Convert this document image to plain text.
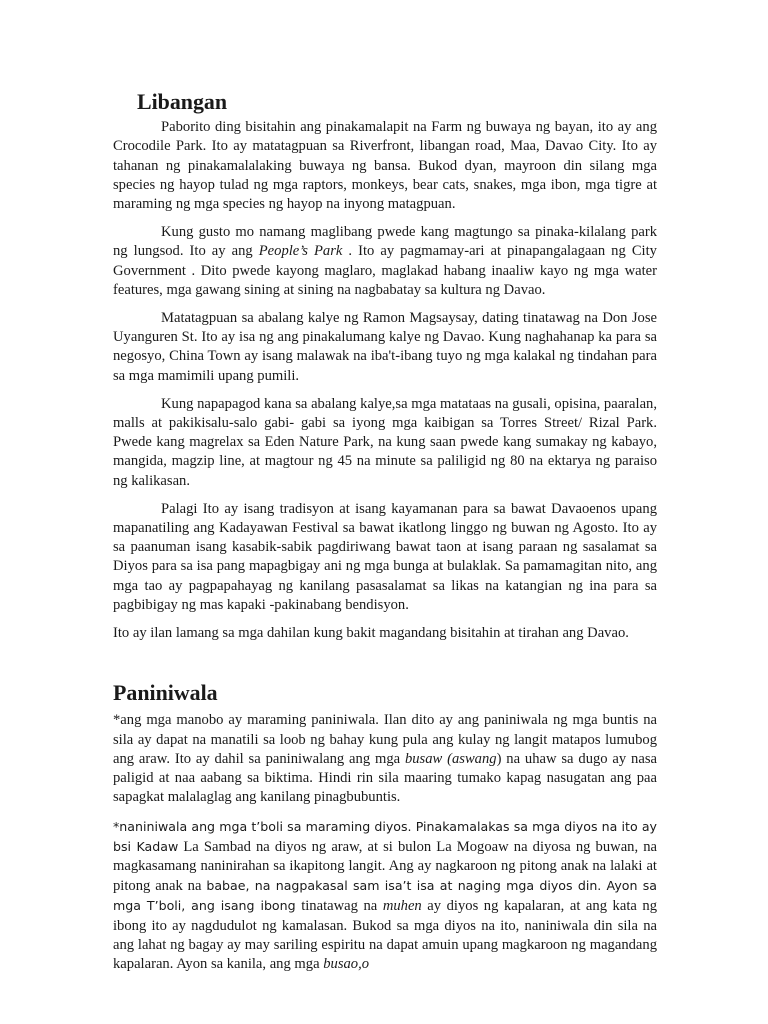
Libangan

Paborito ding bisitahin ang pinakamalapit na Farm ng buwaya ng bayan, ito ay ang Crocodile Park. Ito ay matatagpuan sa Riverfront, libangan road, Maa, Davao City. Ito ay tahanan ng pinakamalalaking buwaya ng bansa. Bukod dyan, mayroon din silang mga species ng hayop tulad ng mga raptors, monkeys, bear cats, snakes, mga ibon, mga tigre at maraming ng mga species ng hayop na inyong matagpuan.

Kung gusto mo namang maglibang pwede kang magtungo sa pinaka-kilalang park ng lungsod. Ito ay ang People’s Park . Ito ay pagmamay-ari at pinapangalagaan ng City Government . Dito pwede kayong maglaro, maglakad habang inaaliw kayo ng mga water features, mga gawang sining at sining na nagbabatay sa kultura ng Davao.

Matatagpuan sa abalang kalye ng Ramon Magsaysay, dating tinatawag na Don Jose Uyanguren St. Ito ay isa ng ang pinakalumang kalye ng Davao. Kung naghahanap ka para sa negosyo, China Town ay isang malawak na iba't-ibang tuyo ng mga kalakal ng tindahan para sa mga mamimili upang pumili.

Kung napapagod kana sa abalang kalye,sa mga matataas na gusali, opisina, paaralan, malls at pakikisalu-salo gabi- gabi sa iyong mga kaibigan sa Torres Street/ Rizal Park. Pwede kang magrelax sa Eden Nature Park, na kung saan pwede kang sumakay ng kabayo, mangida, magzip line, at magtour ng 45 na minute sa paliligid ng 80 na ektarya ng paraiso ng kalikasan.

Palagi Ito ay isang tradisyon at isang kayamanan para sa bawat Davaoenos upang mapanatiling ang Kadayawan Festival sa bawat ikatlong linggo ng buwan ng Agosto. Ito ay sa paanuman isang kasabik-sabik pagdiriwang bawat taon at isang paraan ng sasalamat sa Diyos para sa isa pang mapagbigay ani ng mga bunga at bulaklak. Sa pamamagitan nito, ang mga tao ay pagpapahayag ng kanilang pasasalamat sa likas na katangian ng ina para sa pagbibigay ng mas kapaki -pakinabang bendisyon.

Ito ay ilan lamang sa mga dahilan kung bakit magandang bisitahin at tirahan ang Davao.

Paniniwala

*ang mga manobo ay maraming paniniwala. Ilan dito ay ang paniniwala ng mga buntis na sila ay dapat na manatili sa loob ng bahay kung pula ang kulay ng langit matapos lumubog ang araw. Ito ay dahil sa paniniwalang ang mga busaw (aswang) na uhaw sa dugo ay nasa paligid at naa aabang sa biktima. Hindi rin sila maaring tumako kapag nasugatan ang paa sapagkat malalaglag ang kanilang pinagbubuntis.

*naniniwala ang mga t’boli sa maraming diyos. Pinakamalakas sa mga diyos na ito ay bsi Kadaw La Sambad na diyos ng araw, at si bulon La Mogoaw na diyosa ng buwan, na magkasamang naninirahan sa ikapitong langit. Ang ay nagkaroon ng pitong anak na lalaki at pitong anak na babae, na nagpakasal sam isa’t isa at naging mga diyos din. Ayon sa mga T’boli, ang isang ibong tinatawag na muhen ay diyos ng kapalaran, at ang kata ng ibong ito ay nagdudulot ng kamalasan. Bukod sa mga diyos na ito, naniniwala din sila na ang lahat ng bagay ay may sariling espiritu na dapat amuin upang magkaroon ng magandang kapalaran. Ayon sa kanila, ang mga busao,o
